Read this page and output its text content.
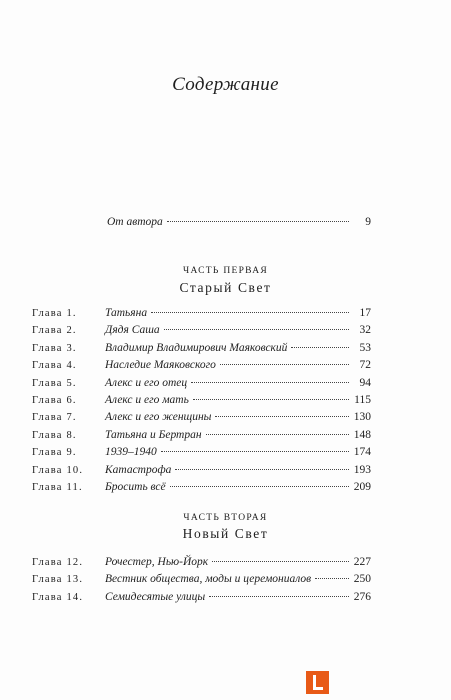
Содержание
От автора	9
ЧАСТЬ ПЕРВАЯ
Старый Свет
Глава 1.	Татьяна	17
Глава 2.	Дядя Саша	32
Глава 3.	Владимир Владимирович Маяковский	53
Глава 4.	Наследие Маяковского	72
Глава 5.	Алекс и его отец	94
Глава 6.	Алекс и его мать	115
Глава 7.	Алекс и его женщины	130
Глава 8.	Татьяна и Бертран	148
Глава 9.	1939–1940	174
Глава 10.	Катастрофа	193
Глава 11.	Бросить всё	209
ЧАСТЬ ВТОРАЯ
Новый Свет
Глава 12.	Рочестер, Нью-Йорк	227
Глава 13.	Вестник общества, моды и церемониалов	250
Глава 14.	Семидесятые улицы	276
